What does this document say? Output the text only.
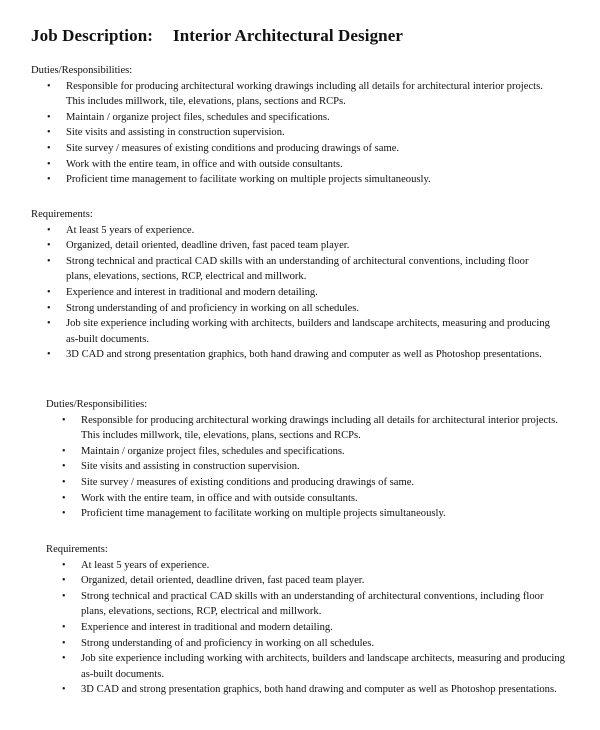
Job Description: Interior Architectural Designer
Duties/Responsibilities:
• Responsible for producing architectural working drawings including all details for architectural interior projects.
This includes millwork, tile, elevations, plans, sections and RCPs.
• Maintain / organize project files, schedules and specifications.
• Site visits and assisting in construction supervision.
• Site survey / measures of existing conditions and producing drawings of same.
• Work with the entire team, in office and with outside consultants.
• Proficient time management to facilitate working on multiple projects simultaneously.
Requirements:
• At least 5 years of experience.
• Organized, detail oriented, deadline driven, fast paced team player.
• Strong technical and practical CAD skills with an understanding of architectural conventions, including floor
plans, elevations, sections, RCP, electrical and millwork.
• Experience and interest in traditional and modern detailing.
• Strong understanding of and proficiency in working on all schedules.
• Job site experience including working with architects, builders and landscape architects, measuring and producing
as-built documents.
• 3D CAD and strong presentation graphics, both hand drawing and computer as well as Photoshop presentations.
Duties/Responsibilities:
• Responsible for producing architectural working drawings including all details for architectural interior projects.
This includes millwork, tile, elevations, plans, sections and RCPs.
• Maintain / organize project files, schedules and specifications.
• Site visits and assisting in construction supervision.
• Site survey / measures of existing conditions and producing drawings of same.
• Work with the entire team, in office and with outside consultants.
• Proficient time management to facilitate working on multiple projects simultaneously.
Requirements:
• At least 5 years of experience.
• Organized, detail oriented, deadline driven, fast paced team player.
• Strong technical and practical CAD skills with an understanding of architectural conventions, including floor
plans, elevations, sections, RCP, electrical and millwork.
• Experience and interest in traditional and modern detailing.
• Strong understanding of and proficiency in working on all schedules.
• Job site experience including working with architects, builders and landscape architects, measuring and producing
as-built documents.
• 3D CAD and strong presentation graphics, both hand drawing and computer as well as Photoshop presentations.
